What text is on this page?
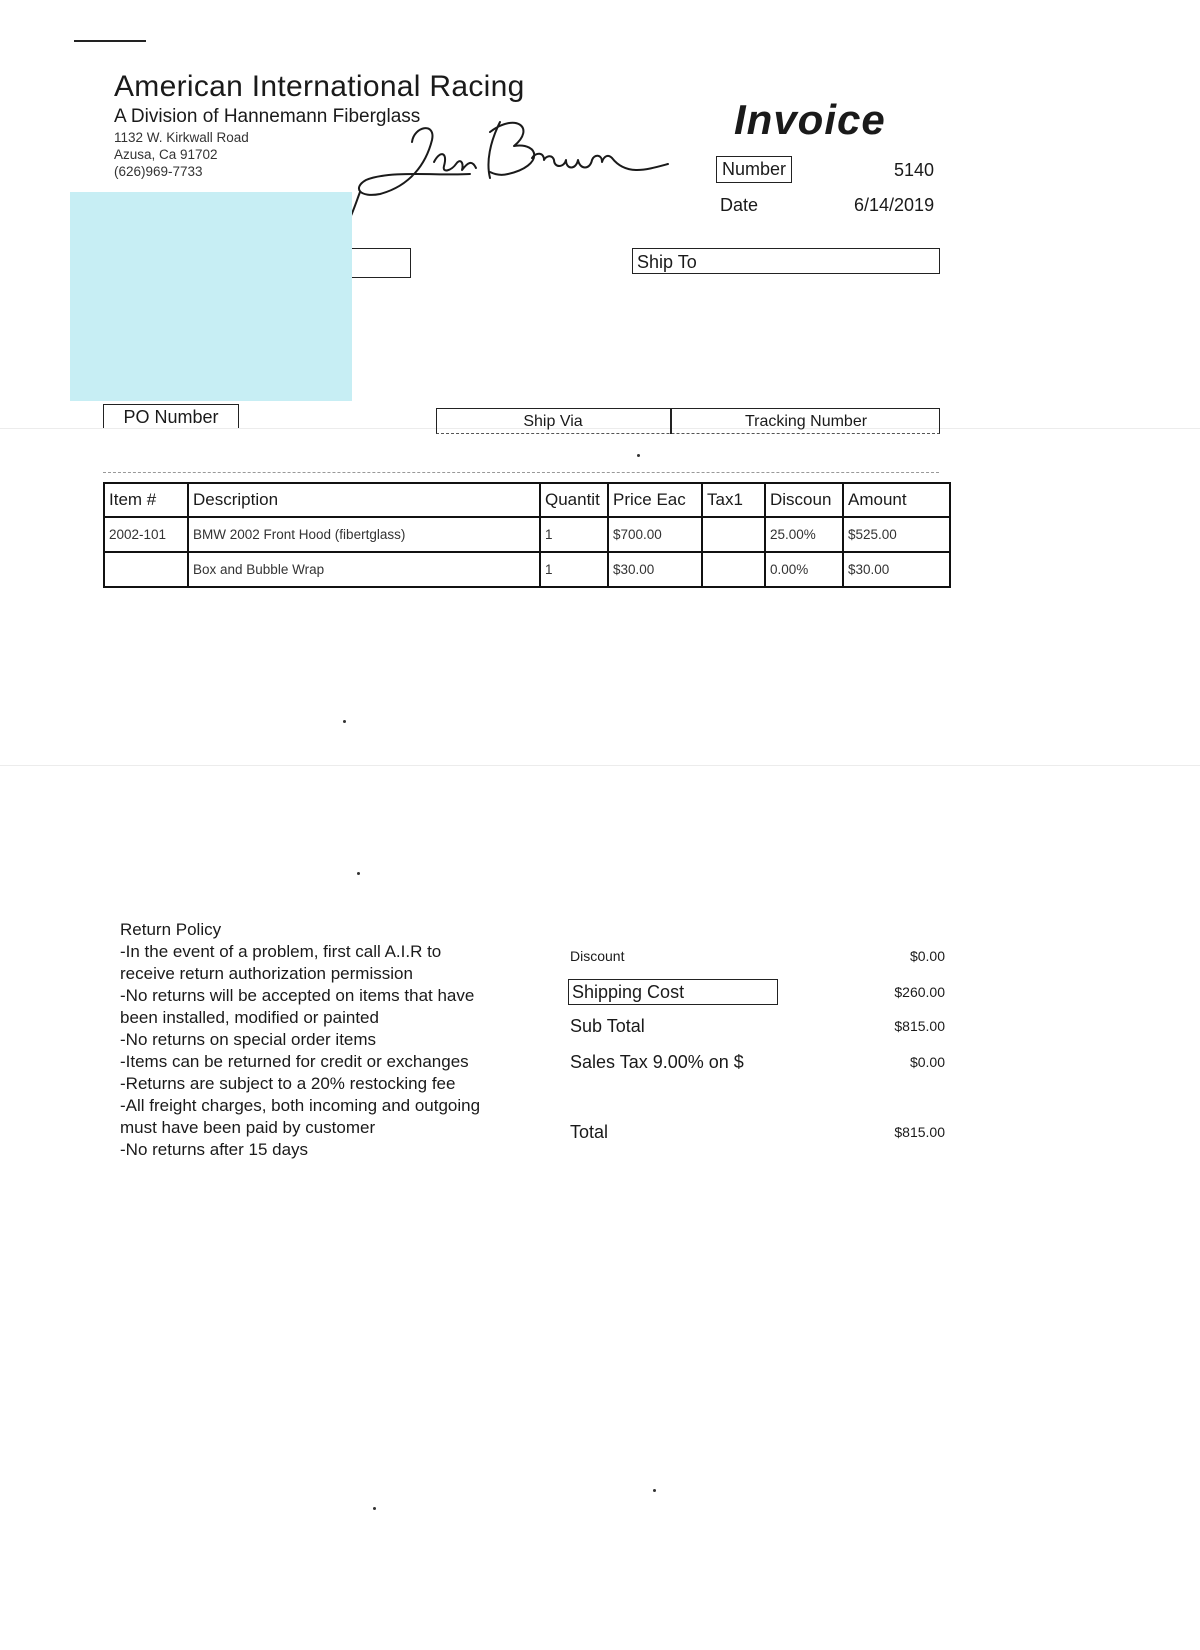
American International Racing
A Division of Hannemann Fiberglass
1132 W. Kirkwall Road
Azusa, Ca 91702
(626)969-7733
Invoice
Number	5140
Date	6/14/2019
Ship To
PO Number	Ship Via	Tracking Number
Item #	Description	Quantit	Price Eac	Tax1	Discoun	Amount
2002-101	BMW 2002 Front Hood (fibertglass)	1	$700.00		25.00%	$525.00
	Box and Bubble Wrap	1	$30.00		0.00%	$30.00
Return Policy
-In the event of a problem, first call A.I.R to
receive return authorization permission
-No returns will be accepted on items that have
been installed, modified or painted
-No returns on special order items
-Items can be returned for credit or exchanges
-Returns are subject to a 20% restocking fee
-All freight charges, both incoming and outgoing
must have been paid by customer
-No returns after 15 days
Discount	$0.00
Shipping Cost	$260.00
Sub Total	$815.00
Sales Tax 9.00% on $	$0.00
Total	$815.00
